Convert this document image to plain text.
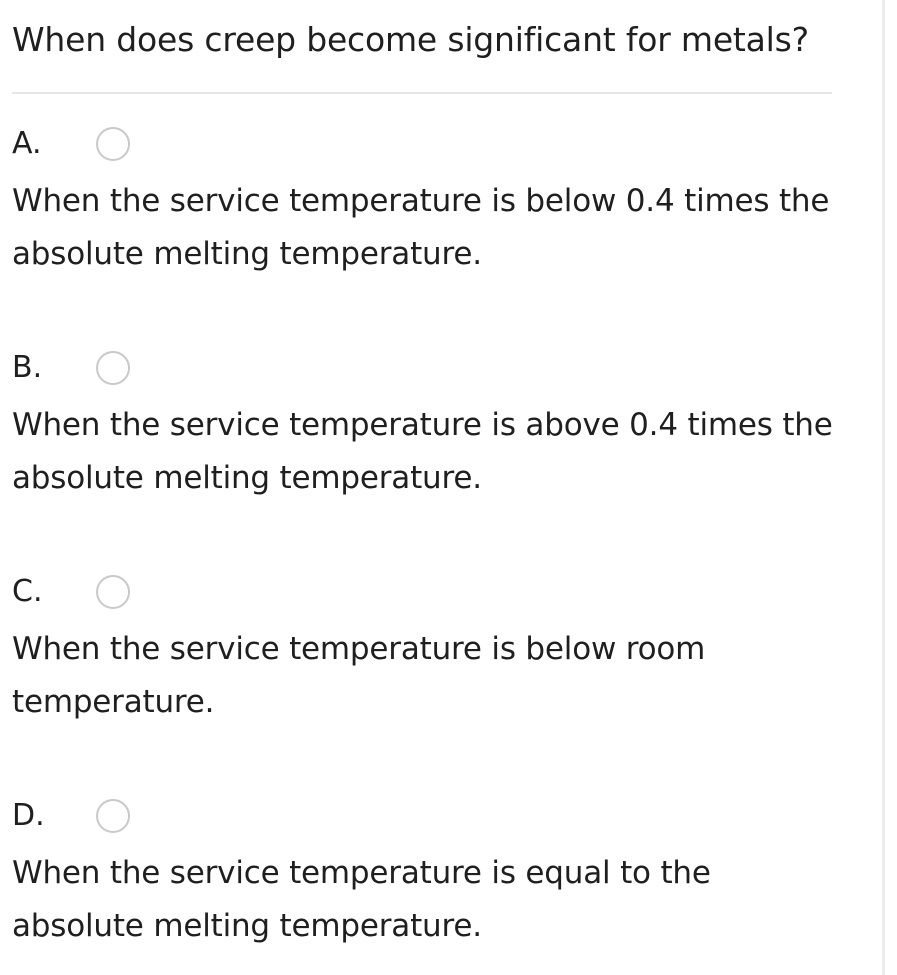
When does creep become significant for metals?
A.
When the service temperature is below 0.4 times the absolute melting temperature.
B.
When the service temperature is above 0.4 times the absolute melting temperature.
C.
When the service temperature is below room temperature.
D.
When the service temperature is equal to the absolute melting temperature.
